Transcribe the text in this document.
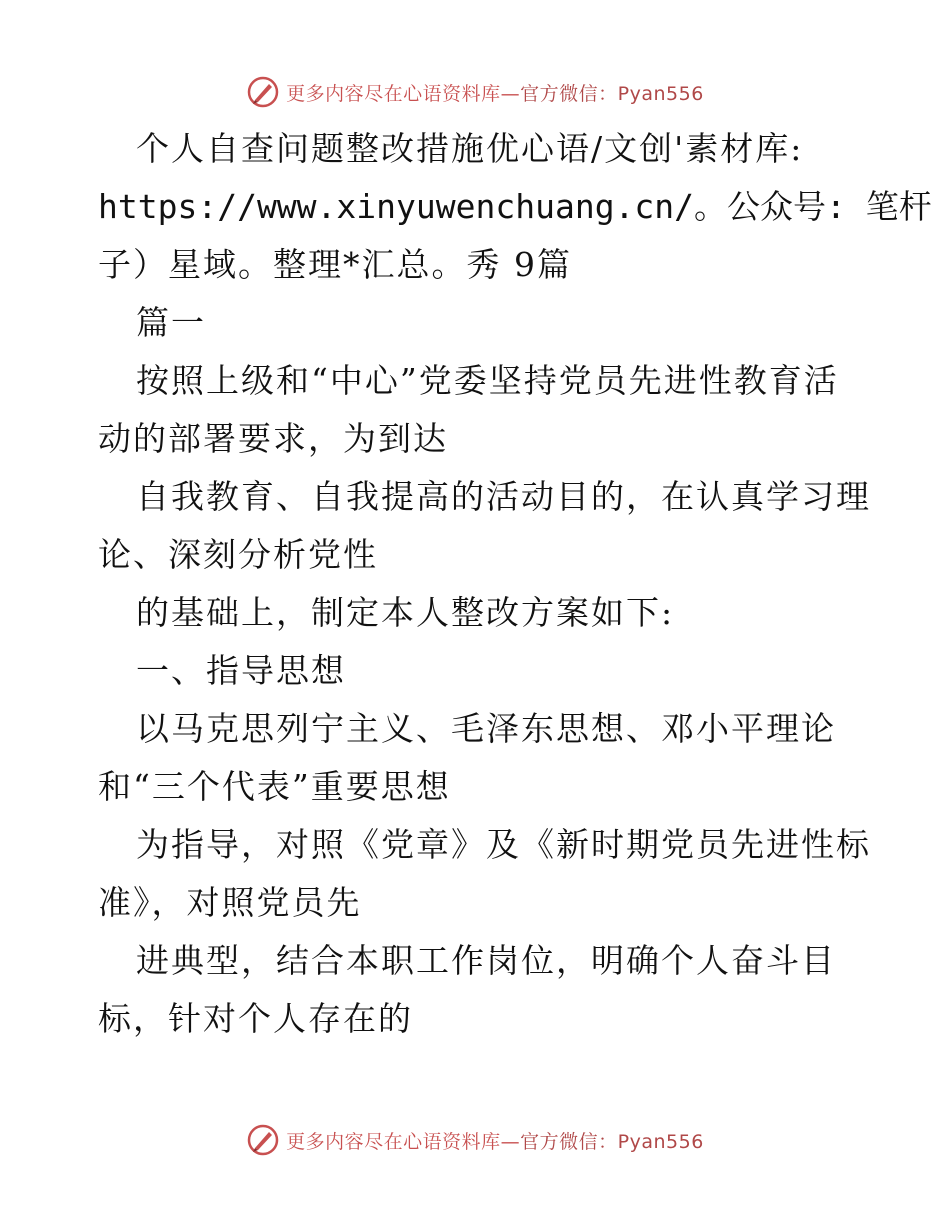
更多内容尽在心语资料库—官方微信：Pyan556
个人自查问题整改措施优心语/文创'素材库:
https://www.xinyuwenchuang.cn/。公众号: 笔杆
子）星域。整理*汇总。秀 9篇
篇一
按照上级和“中心”党委坚持党员先进性教育活
动的部署要求，为到达
自我教育、自我提高的活动目的，在认真学习理
论、深刻分析党性
的基础上，制定本人整改方案如下:
一、指导思想
以马克思列宁主义、毛泽东思想、邓小平理论
和“三个代表”重要思想
为指导，对照《党章》及《新时期党员先进性标
准》，对照党员先
进典型，结合本职工作岗位，明确个人奋斗目
标，针对个人存在的
更多内容尽在心语资料库—官方微信：Pyan556
